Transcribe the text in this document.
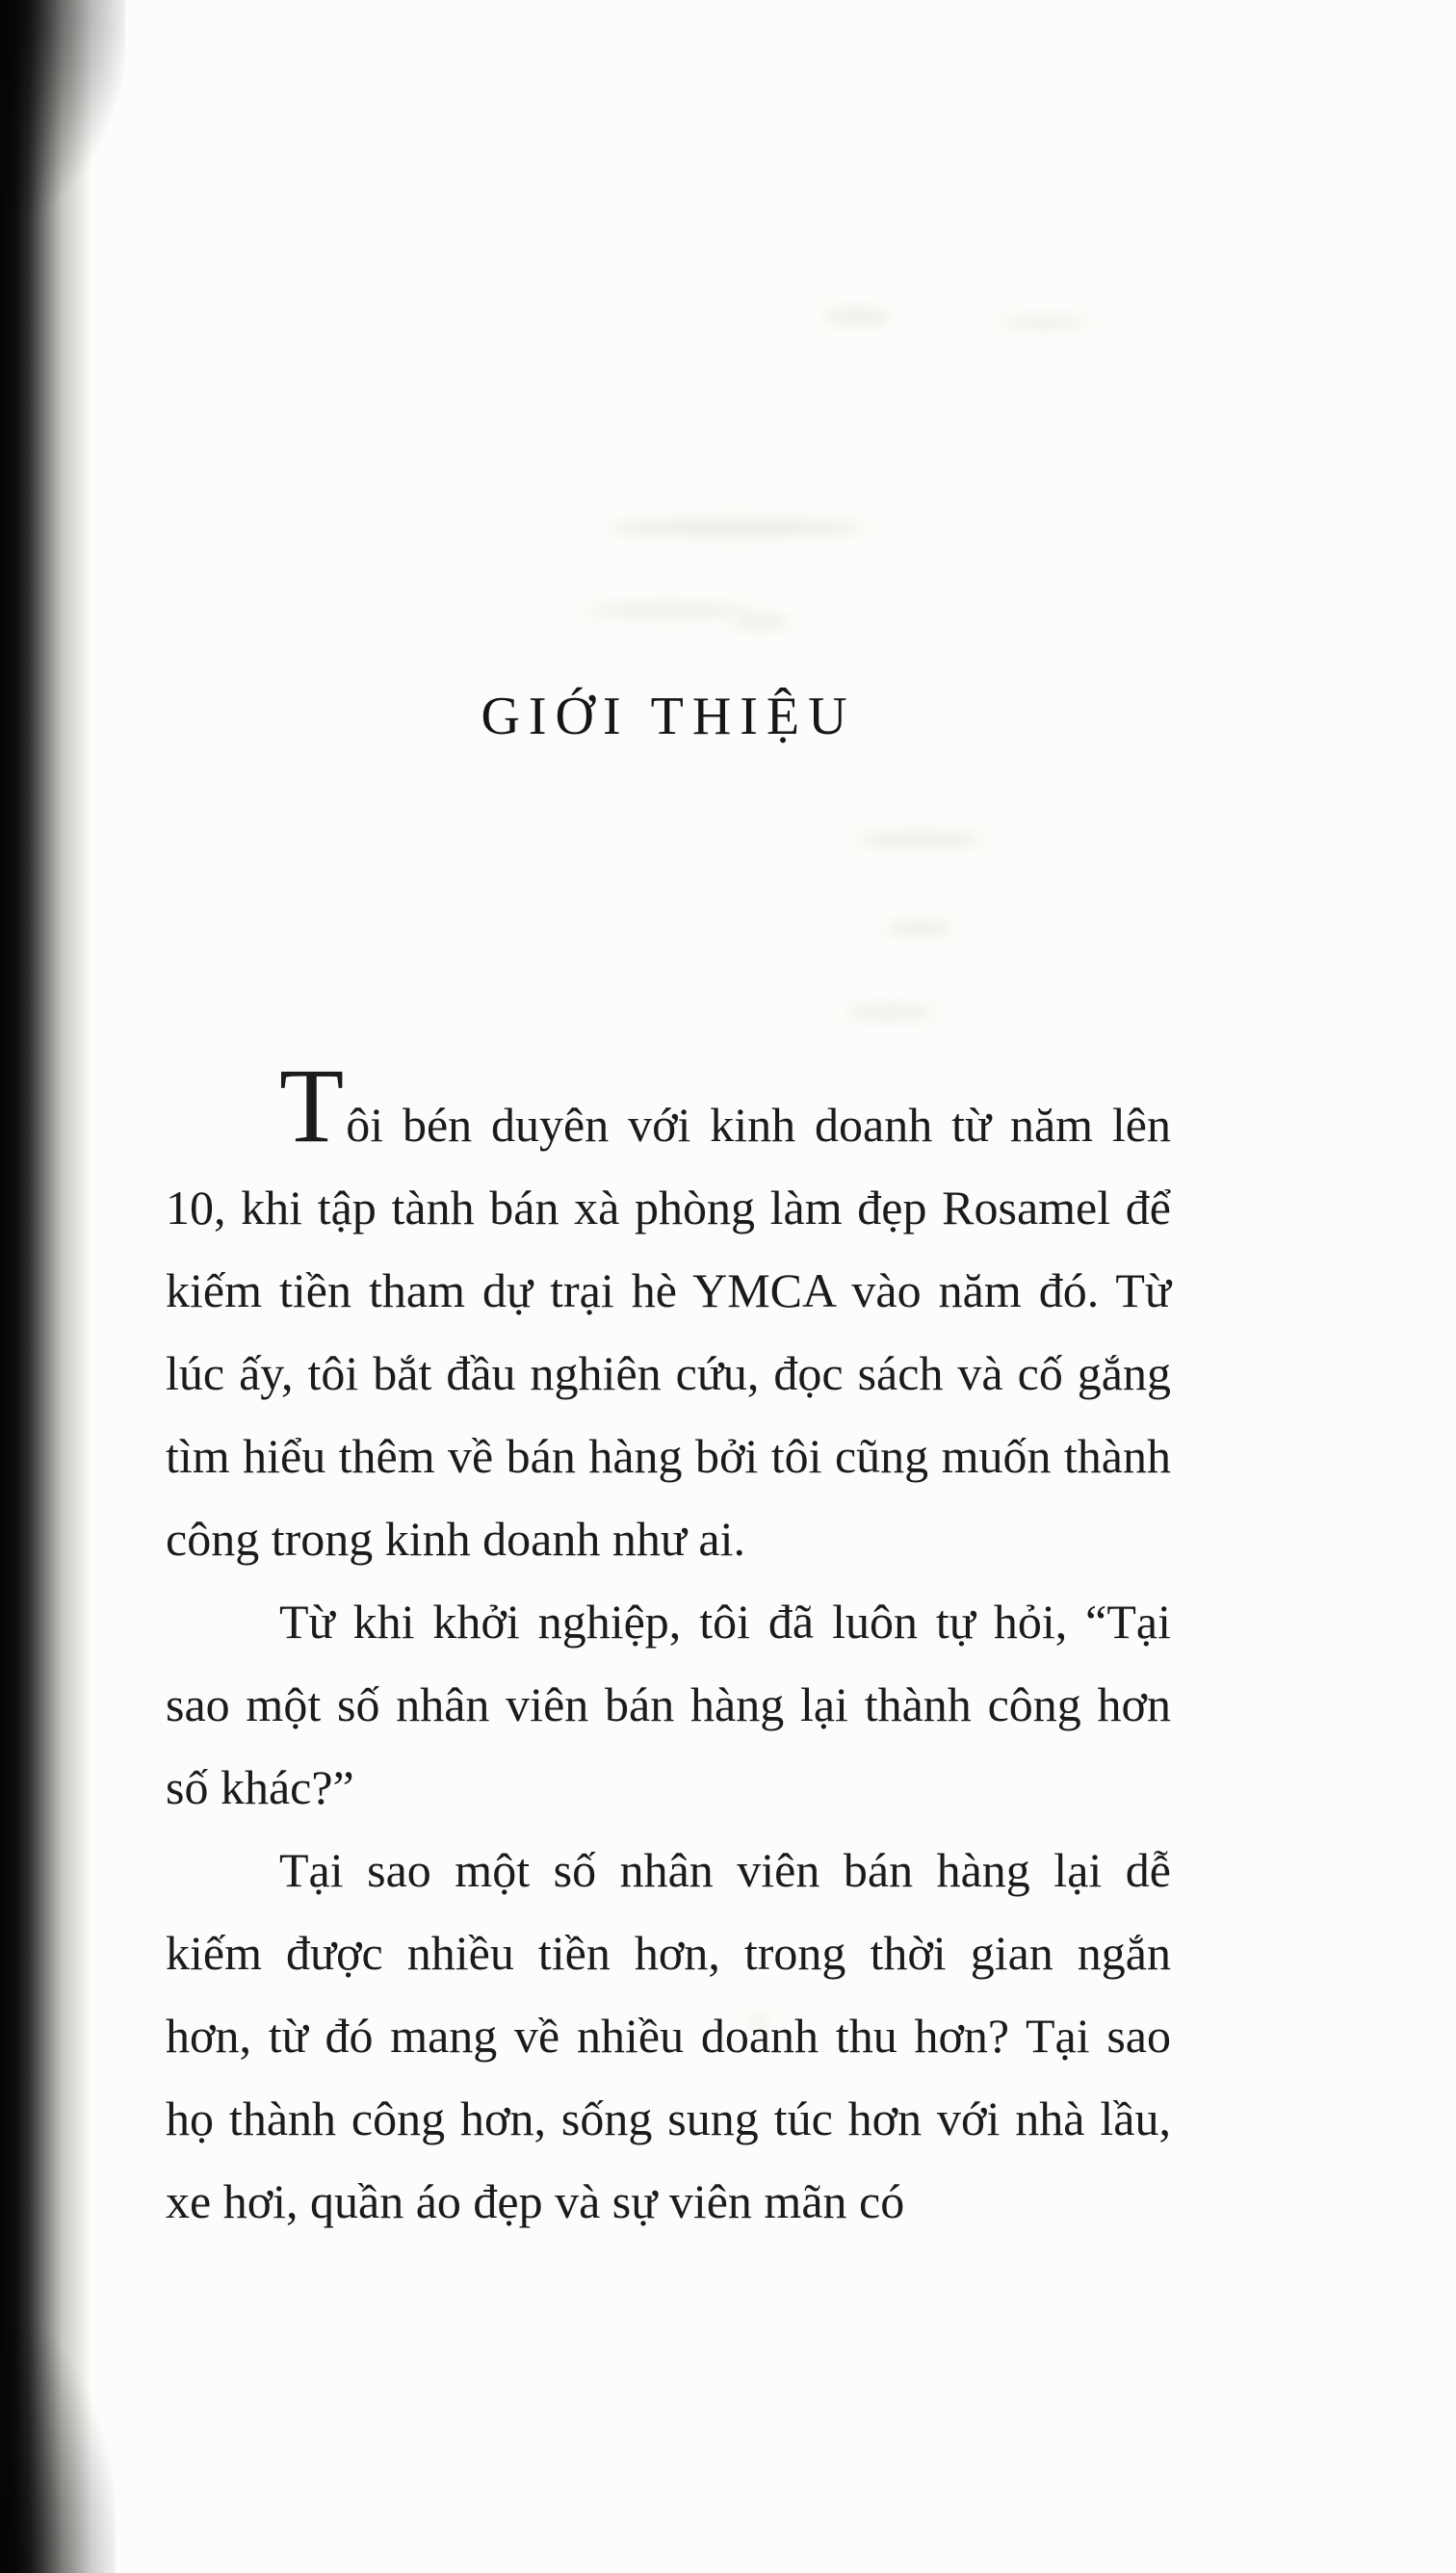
GIỚI THIỆU

Tôi bén duyên với kinh doanh từ năm lên 10, khi tập tành bán xà phòng làm đẹp Rosamel để kiếm tiền tham dự trại hè YMCA vào năm đó. Từ lúc ấy, tôi bắt đầu nghiên cứu, đọc sách và cố gắng tìm hiểu thêm về bán hàng bởi tôi cũng muốn thành công trong kinh doanh như ai.

Từ khi khởi nghiệp, tôi đã luôn tự hỏi, “Tại sao một số nhân viên bán hàng lại thành công hơn số khác?”

Tại sao một số nhân viên bán hàng lại dễ kiếm được nhiều tiền hơn, trong thời gian ngắn hơn, từ đó mang về nhiều doanh thu hơn? Tại sao họ thành công hơn, sống sung túc hơn với nhà lầu, xe hơi, quần áo đẹp và sự viên mãn có
